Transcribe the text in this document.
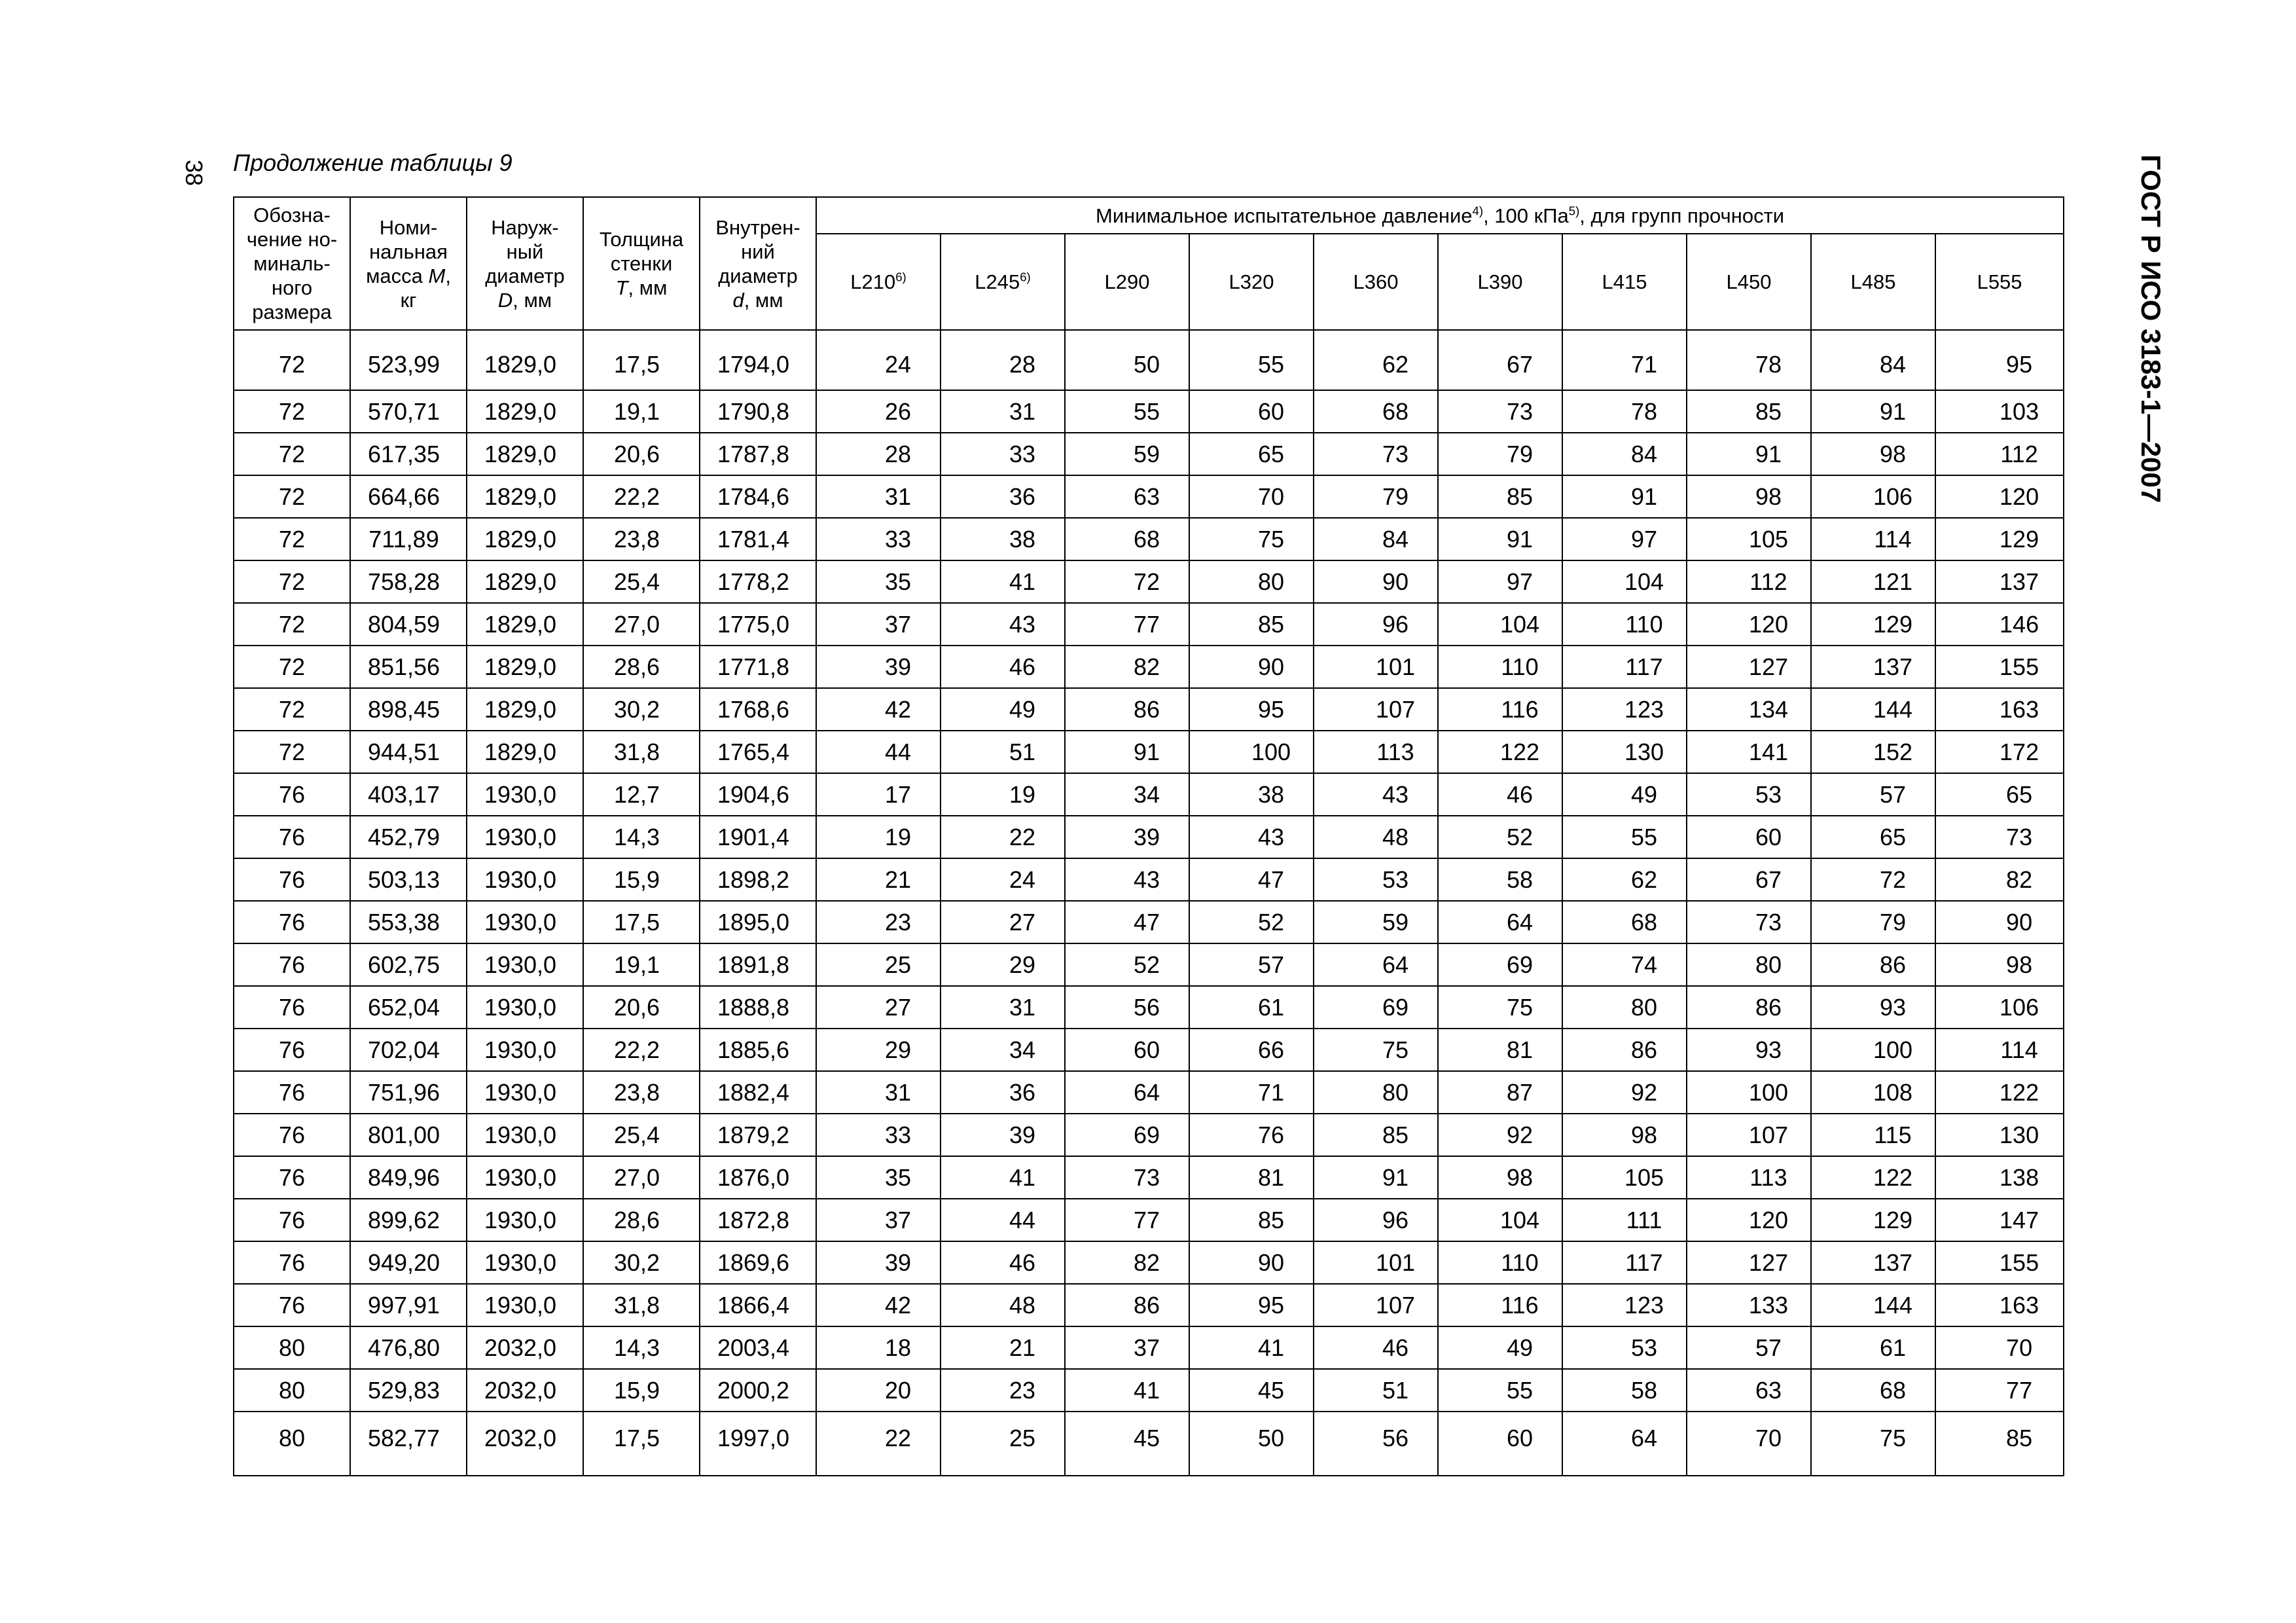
38 Продолжение таблицы 9	ГОСТ Р ИСО 3183-1—2007
Обозна-
чение но-
миналь-
ного
размера	Номи-
нальная
масса M,
кг	Наруж-
ный
диаметр
D, мм	Толщина
стенки
T, мм	Внутрен-
ний
диаметр
d, мм	Минимальное испытательное давление$^{4)}$, 100 кПа$^{5)}$, для групп прочности									
					L210$^{6)}$	L245$^{6)}$	L290	L320	L360	L390	L415	L450	L485	L555
72	523,99	1829,0	17,5	1794,0	24	28	50	55	62	67	71	78	84	95
72	570,71	1829,0	19,1	1790,8	26	31	55	60	68	73	78	85	91	103
72	617,35	1829,0	20,6	1787,8	28	33	59	65	73	79	84	91	98	112
72	664,66	1829,0	22,2	1784,6	31	36	63	70	79	85	91	98	106	120
72	711,89	1829,0	23,8	1781,4	33	38	68	75	84	91	97	105	114	129
72	758,28	1829,0	25,4	1778,2	35	41	72	80	90	97	104	112	121	137
72	804,59	1829,0	27,0	1775,0	37	43	77	85	96	104	110	120	129	146
72	851,56	1829,0	28,6	1771,8	39	46	82	90	101	110	117	127	137	155
72	898,45	1829,0	30,2	1768,6	42	49	86	95	107	116	123	134	144	163
72	944,51	1829,0	31,8	1765,4	44	51	91	100	113	122	130	141	152	172
76	403,17	1930,0	12,7	1904,6	17	19	34	38	43	46	49	53	57	65
76	452,79	1930,0	14,3	1901,4	19	22	39	43	48	52	55	60	65	73
76	503,13	1930,0	15,9	1898,2	21	24	43	47	53	58	62	67	72	82
76	553,38	1930,0	17,5	1895,0	23	27	47	52	59	64	68	73	79	90
76	602,75	1930,0	19,1	1891,8	25	29	52	57	64	69	74	80	86	98
76	652,04	1930,0	20,6	1888,8	27	31	56	61	69	75	80	86	93	106
76	702,04	1930,0	22,2	1885,6	29	34	60	66	75	81	86	93	100	114
76	751,96	1930,0	23,8	1882,4	31	36	64	71	80	87	92	100	108	122
76	801,00	1930,0	25,4	1879,2	33	39	69	76	85	92	98	107	115	130
76	849,96	1930,0	27,0	1876,0	35	41	73	81	91	98	105	113	122	138
76	899,62	1930,0	28,6	1872,8	37	44	77	85	96	104	111	120	129	147
76	949,20	1930,0	30,2	1869,6	39	46	82	90	101	110	117	127	137	155
76	997,91	1930,0	31,8	1866,4	42	48	86	95	107	116	123	133	144	163
80	476,80	2032,0	14,3	2003,4	18	21	37	41	46	49	53	57	61	70
80	529,83	2032,0	15,9	2000,2	20	23	41	45	51	55	58	63	68	77
80	582,77	2032,0	17,5	1997,0	22	25	45	50	56	60	64	70	75	85
